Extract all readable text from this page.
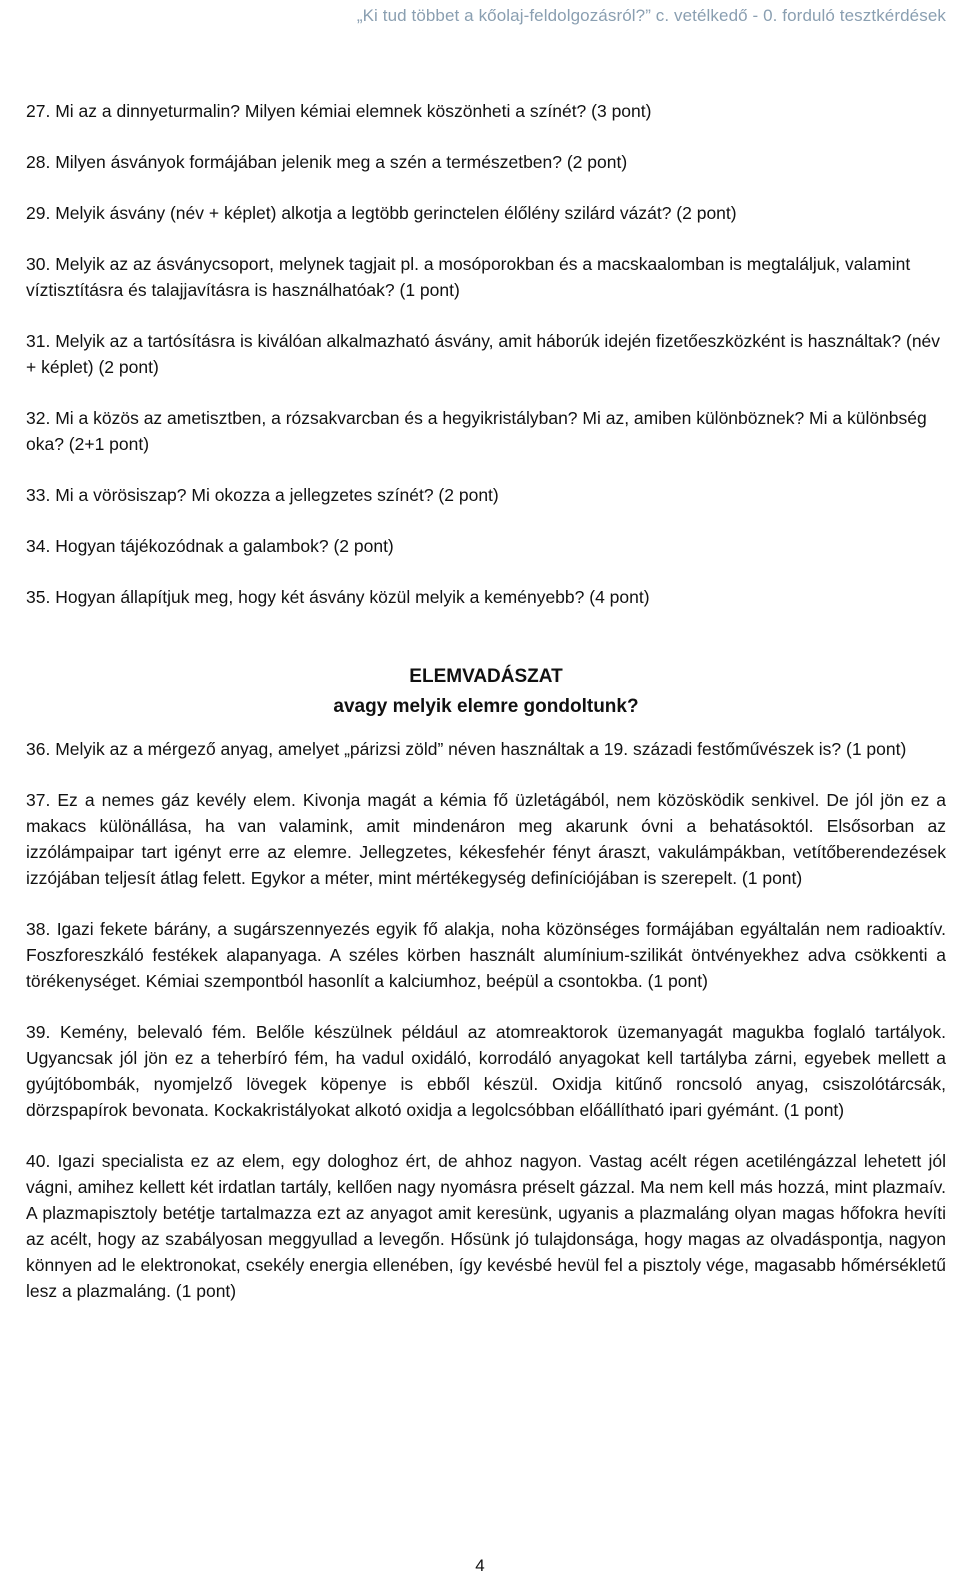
„Ki tud többet a kőolaj-feldolgozásról?” c. vetélkedő - 0. forduló tesztkérdések

27. Mi az a dinnyeturmalin? Milyen kémiai elemnek köszönheti a színét? (3 pont)

28. Milyen ásványok formájában jelenik meg a szén a természetben? (2 pont)

29. Melyik ásvány (név + képlet) alkotja a legtöbb gerinctelen élőlény szilárd vázát? (2 pont)

30. Melyik az az ásványcsoport, melynek tagjait pl. a mosóporokban és a macskaalomban is megtaláljuk, valamint víztisztításra és talajjavításra is használhatóak? (1 pont)

31. Melyik az a tartósításra is kiválóan alkalmazható ásvány, amit háborúk idején fizetőeszközként is használtak? (név + képlet) (2 pont)

32. Mi a közös az ametisztben, a rózsakvarcban és a hegyikristályban? Mi az, amiben különböznek? Mi a különbség oka? (2+1 pont)

33. Mi a vörösiszap? Mi okozza a jellegzetes színét? (2 pont)

34. Hogyan tájékozódnak a galambok? (2 pont)

35. Hogyan állapítjuk meg, hogy két ásvány közül melyik a keményebb? (4 pont)

ELEMVADÁSZAT

avagy melyik elemre gondoltunk?

36. Melyik az a mérgező anyag, amelyet „párizsi zöld” néven használtak a 19. századi festőművészek is? (1 pont)

37. Ez a nemes gáz kevély elem. Kivonja magát a kémia fő üzletágából, nem közösködik senkivel. De jól jön ez a makacs különállása, ha van valamink, amit mindenáron meg akarunk óvni a behatásoktól. Elsősorban az izzólámpaipar tart igényt erre az elemre. Jellegzetes, kékesfehér fényt áraszt, vakulámpákban, vetítőberendezések izzójában teljesít átlag felett. Egykor a méter, mint mértékegység definíciójában is szerepelt. (1 pont)

38. Igazi fekete bárány, a sugárszennyezés egyik fő alakja, noha közönséges formájában egyáltalán nem radioaktív. Foszforeszkáló festékek alapanyaga. A széles körben használt alumínium-szilikát öntvényekhez adva csökkenti a törékenységet. Kémiai szempontból hasonlít a kalciumhoz, beépül a csontokba. (1 pont)

39. Kemény, belevaló fém. Belőle készülnek például az atomreaktorok üzemanyagát magukba foglaló tartályok. Ugyancsak jól jön ez a teherbíró fém, ha vadul oxidáló, korrodáló anyagokat kell tartályba zárni, egyebek mellett a gyújtóbombák, nyomjelző lövegek köpenye is ebből készül. Oxidja kitűnő roncsoló anyag, csiszolótárcsák, dörzspapírok bevonata. Kockakristályokat alkotó oxidja a legolcsóbban előállítható ipari gyémánt. (1 pont)

40. Igazi specialista ez az elem, egy dologhoz ért, de ahhoz nagyon. Vastag acélt régen acetiléngázzal lehetett jól vágni, amihez kellett két irdatlan tartály, kellően nagy nyomásra préselt gázzal. Ma nem kell más hozzá, mint plazmaív. A plazmapisztoly betétje tartalmazza ezt az anyagot amit keresünk, ugyanis a plazmaláng olyan magas hőfokra hevíti az acélt, hogy az szabályosan meggyullad a levegőn. Hősünk jó tulajdonsága, hogy magas az olvadáspontja, nagyon könnyen ad le elektronokat, csekély energia ellenében, így kevésbé hevül fel a pisztoly vége, magasabb hőmérsékletű lesz a plazmaláng. (1 pont)

4
